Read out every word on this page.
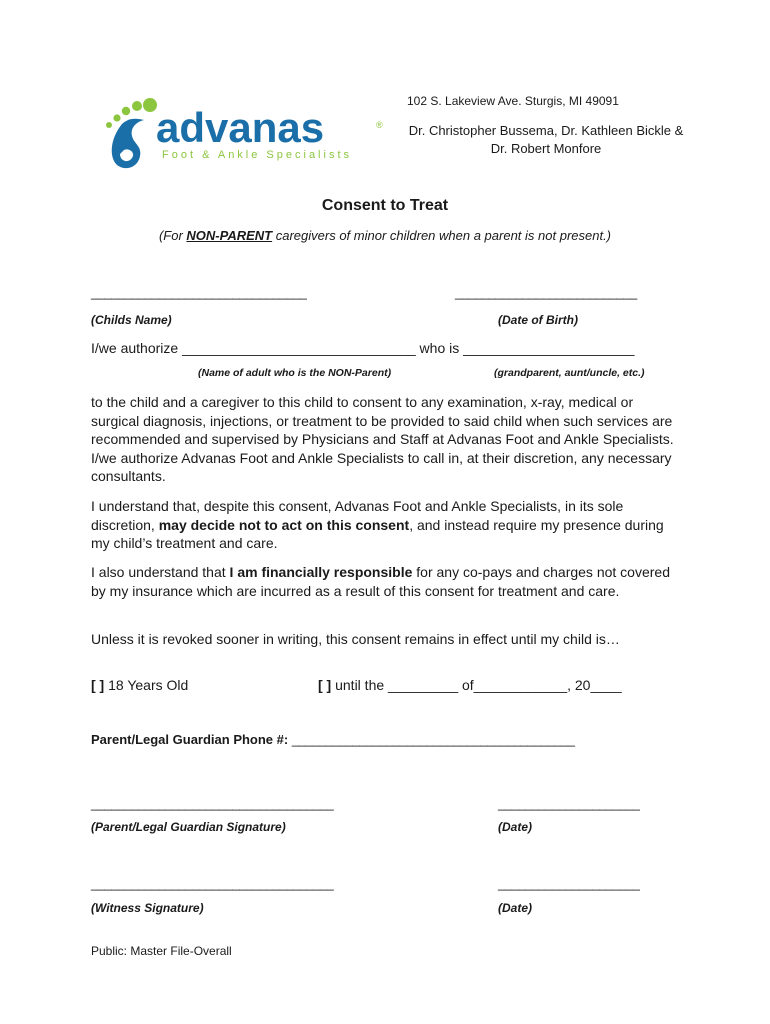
advanas	®
Foot & Ankle Specialists
102 S. Lakeview Ave. Sturgis, MI 49091
Dr. Christopher Bussema, Dr. Kathleen Bickle & Dr. Robert Monfore
Consent to Treat
(For NON-PARENT caregivers of minor children when a parent is not present.)
________________________________	___________________________
(Childs Name)	(Date of Birth)
I/we authorize ______________________________ who is ______________________
(Name of adult who is the NON-Parent)	(grandparent, aunt/uncle, etc.)
to the child and a caregiver to this child to consent to any examination, x-ray, medical or surgical diagnosis, injections, or treatment to be provided to said child when such services are recommended and supervised by Physicians and Staff at Advanas Foot and Ankle Specialists. I/we authorize Advanas Foot and Ankle Specialists to call in, at their discretion, any necessary consultants.
I understand that, despite this consent, Advanas Foot and Ankle Specialists, in its sole discretion, may decide not to act on this consent, and instead require my presence during my child’s treatment and care.
I also understand that I am financially responsible for any co-pays and charges not covered by my insurance which are incurred as a result of this consent for treatment and care.
Unless it is revoked sooner in writing, this consent remains in effect until my child is…
[ ] 18 Years Old	[ ] until the _________ of____________, 20____
Parent/Legal Guardian Phone #: __________________________________________
____________________________________	_____________________
(Parent/Legal Guardian Signature)	(Date)
____________________________________	_____________________
(Witness Signature)	(Date)
Public: Master File-Overall
